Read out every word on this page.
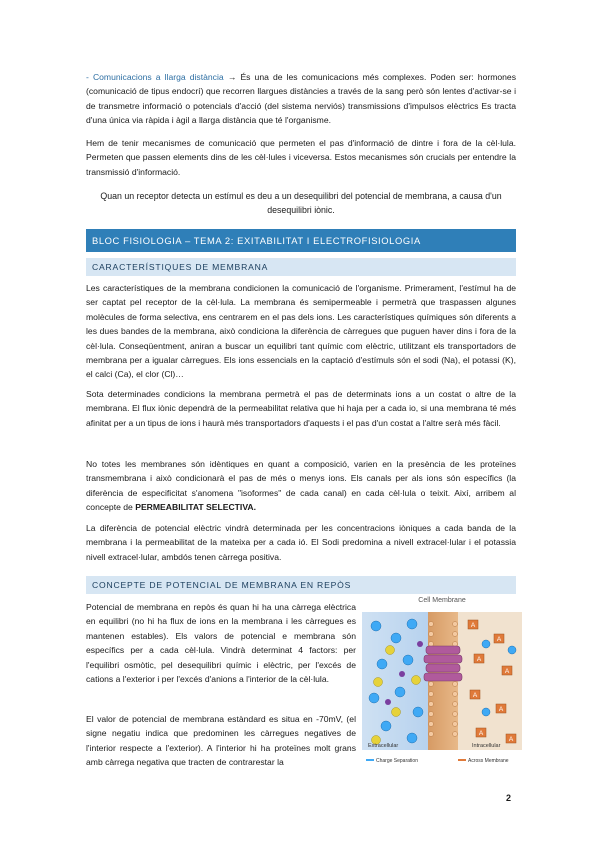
- Comunicacions a llarga distància → És una de les comunicacions més complexes. Poden ser: hormones (comunicació de tipus endocrí) que recorren llargues distàncies a través de la sang però són lentes d'activar-se i de transmetre informació o potencials d'acció (del sistema nerviós) transmissions d'impulsos elèctrics Es tracta d'una única via ràpida i àgil a llarga distància que té l'organisme.

Hem de tenir mecanismes de comunicació que permeten el pas d'informació de dintre i fora de la cèl·lula. Permeten que passen elements dins de les cèl·lules i viceversa. Estos mecanismes són crucials per entendre la transmissió d'informació.

Quan un receptor detecta un estímul es deu a un desequilibri del potencial de membrana, a causa d'un desequilibri iònic.
BLOC FISIOLOGIA – TEMA 2: EXITABILITAT I ELECTROFISIOLOGIA
CARACTERÍSTIQUES DE MEMBRANA

Les característiques de la membrana condicionen la comunicació de l'organisme. Primerament, l'estímul ha de ser captat pel receptor de la cèl·lula. La membrana és semipermeable i permetrà que traspassen algunes molècules de forma selectiva, ens centrarem en el pas dels ions. Les característiques químiques són diferents a les dues bandes de la membrana, això condiciona la diferència de càrregues que puguen haver dins i fora de la cèl·lula. Conseqüentment, aniran a buscar un equilibri tant químic com elèctric, utilitzant els transportadors de membrana per a igualar càrregues. Els ions essencials en la captació d'estímuls són el sodi (Na), el potassi (K), el calci (Ca), el clor (Cl)…

Sota determinades condicions la membrana permetrà el pas de determinats ions a un costat o altre de la membrana. El flux iònic dependrà de la permeabilitat relativa que hi haja per a cada io, si una membrana té més afinitat per a un tipus de ions i haurà més transportadors d'aquests i el pas d'un costat a l'altre serà més fàcil.

No totes les membranes són idèntiques en quant a composició, varien en la presència de les proteïnes transmembrana i això condicionarà el pas de més o menys ions. Els canals per als ions són específics (la diferència de especificitat s'anomena "isoformes" de cada canal) en cada cèl·lula o teixit. Així, arribem al concepte de PERMEABILITAT SELECTIVA.

La diferència de potencial elèctric vindrà determinada per les concentracions iòniques a cada banda de la membrana i la permeabilitat de la mateixa per a cada ió. El Sodi predomina a nivell extracel·lular i el potassia nivell extracel·lular, ambdós tenen càrrega positiva.

CONCEPTE DE POTENCIAL DE MEMBRANA EN REPÒS

Potencial de membrana en repòs és quan hi ha una càrrega elèctrica en equilibri (no hi ha flux de ions en la membrana i les càrregues es mantenen estables). Els valors de potencial e membrana són específics per a cada cèl·lula. Vindrà determinat 4 factors: per l'equilibri osmòtic, pel desequilibri químic i elèctric, per l'excés de cations a l'exterior i per l'excés d'anions a l'interior de la cèl·lula.

El valor de potencial de membrana estàndard es situa en -70mV, (el signe negatiu indica que predominen les càrregues negatives de l'interior respecte a l'exterior). A l'interior hi ha proteïnes molt grans amb càrrega negativa que tracten de contrarestar la

A
A
A
A
A
A
A
A
Cell Membrane
Extracellular	Intracellular
Charge Separation	Across Membrane
2
